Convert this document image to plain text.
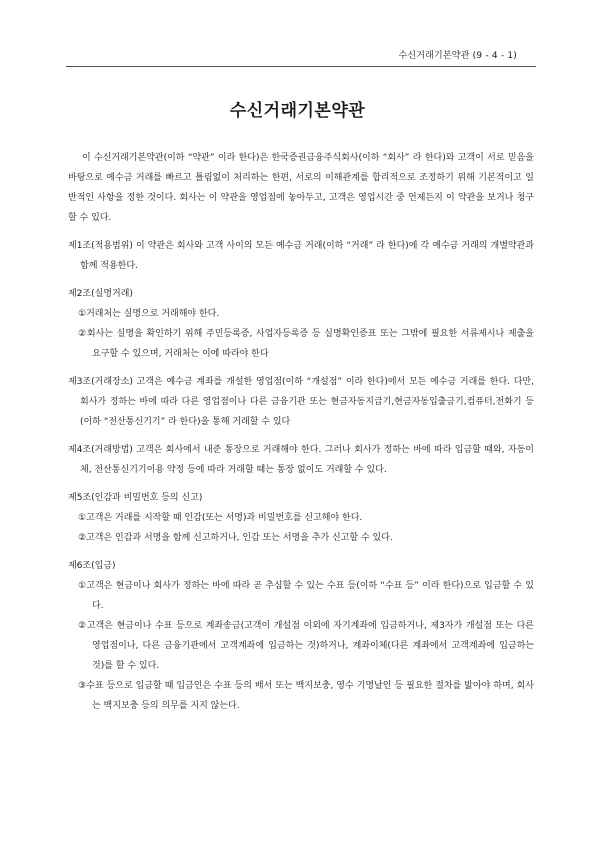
수신거래기본약관 (9 - 4 - 1)
수신거래기본약관

이 수신거래기본약관(이하 “약관” 이라 한다)은 한국증권금융주식회사(이하 “회사” 라 한다)와 고객이 서로 믿음을 바탕으로 예수금 거래를 빠르고 틀림없이 처리하는 한편, 서로의 이해관계를 합리적으로 조정하기 위해 기본적이고 일반적인 사항을 정한 것이다. 회사는 이 약관을 영업점에 놓아두고, 고객은 영업시간 중 언제든지 이 약관을 보거나 청구할 수 있다.

제1조(적용범위) 이 약관은 회사와 고객 사이의 모든 예수금 거래(이하 “거래” 라 한다)에 각 예수금 거래의 개별약관과 함께 적용한다.
제2조(실명거래)
①거래처는 실명으로 거래해야 한다.
②회사는 실명을 확인하기 위해 주민등록증, 사업자등록증 등 실명확인증표 또는 그밖에 필요한 서류제시나 제출을 요구할 수 있으며, 거래처는 이에 따라야 한다
제3조(거래장소) 고객은 예수금 계좌를 개설한 영업점(이하 “개설점” 이라 한다)에서 모든 예수금 거래를 한다. 다만, 회사가 정하는 바에 따라 다른 영업점이나 다른 금융기관 또는 현금자동지급기,현금자동입출금기,컴퓨터,전화기 등(이하 “전산통신기기” 라 한다)을 통해 거래할 수 있다
제4조(거래방법) 고객은 회사에서 내준 통장으로 거래해야 한다. 그러나 회사가 정하는 바에 따라 입금할 때와, 자동이체, 전산통신기기이용 약정 등에 따라 거래할 때는 통장 없이도 거래할 수 있다.
제5조(인감과 비밀번호 등의 신고)
①고객은 거래를 시작할 때 인감(또는 서명)과 비밀번호를 신고해야 한다.
②고객은 인감과 서명을 함께 신고하거나, 인감 또는 서명을 추가 신고할 수 있다.
제6조(입금)
①고객은 현금이나 회사가 정하는 바에 따라 곧 추심할 수 있는 수표 등(이하 “수표 등” 이라 한다)으로 입금할 수 있다.
②고객은 현금이나 수표 등으로 계좌송금(고객이 개설점 이외에 자기계좌에 입금하거나, 제3자가 개설점 또는 다른 영업점이나, 다른 금융기관에서 고객계좌에 입금하는 것)하거나, 계좌이체(다른 계좌에서 고객계좌에 입금하는 것)를 할 수 있다.
③수표 등으로 입금할 때 입금인은 수표 등의 배서 또는 백지보충, 영수 기명날인 등 필요한 절차를 밟아야 하며, 회사는 백지보충 등의 의무를 지지 않는다.
